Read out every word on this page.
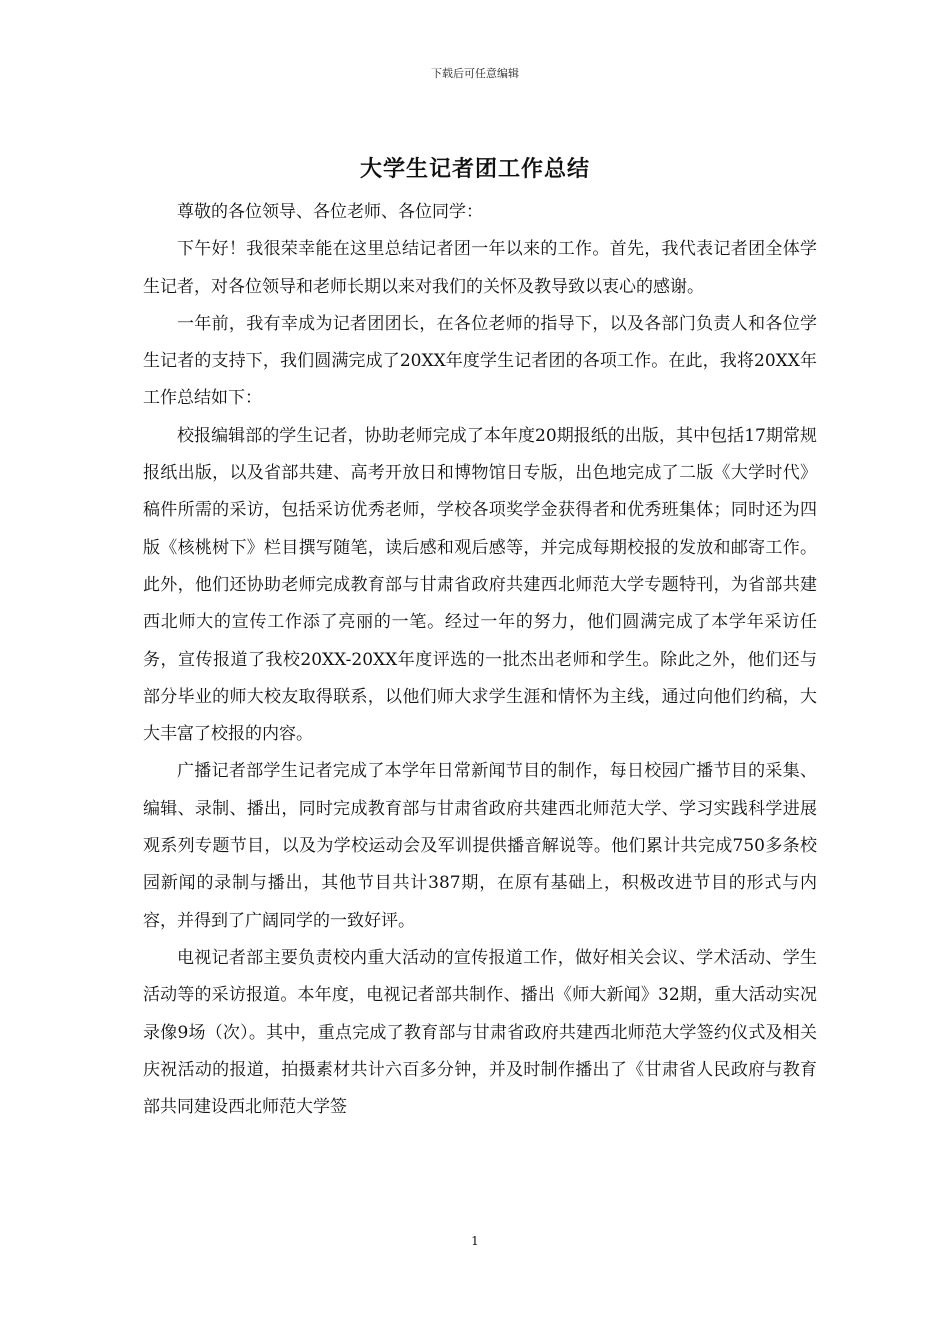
下载后可任意编辑
大学生记者团工作总结

尊敬的各位领导、各位老师、各位同学：

下午好！我很荣幸能在这里总结记者团一年以来的工作。首先，我代表记者团全体学生记者，对各位领导和老师长期以来对我们的关怀及教导致以衷心的感谢。

一年前，我有幸成为记者团团长，在各位老师的指导下，以及各部门负责人和各位学生记者的支持下，我们圆满完成了20XX年度学生记者团的各项工作。在此，我将20XX年工作总结如下：

校报编辑部的学生记者，协助老师完成了本年度20期报纸的出版，其中包括17期常规报纸出版，以及省部共建、高考开放日和博物馆日专版，出色地完成了二版《大学时代》稿件所需的采访，包括采访优秀老师，学校各项奖学金获得者和优秀班集体；同时还为四版《核桃树下》栏目撰写随笔，读后感和观后感等，并完成每期校报的发放和邮寄工作。此外，他们还协助老师完成教育部与甘肃省政府共建西北师范大学专题特刊，为省部共建西北师大的宣传工作添了亮丽的一笔。经过一年的努力，他们圆满完成了本学年采访任务，宣传报道了我校20XX-20XX年度评选的一批杰出老师和学生。除此之外，他们还与部分毕业的师大校友取得联系，以他们师大求学生涯和情怀为主线，通过向他们约稿，大大丰富了校报的内容。

广播记者部学生记者完成了本学年日常新闻节目的制作，每日校园广播节目的采集、编辑、录制、播出，同时完成教育部与甘肃省政府共建西北师范大学、学习实践科学进展观系列专题节目，以及为学校运动会及军训提供播音解说等。他们累计共完成750多条校园新闻的录制与播出，其他节目共计387期，在原有基础上，积极改进节目的形式与内容，并得到了广阔同学的一致好评。

电视记者部主要负责校内重大活动的宣传报道工作，做好相关会议、学术活动、学生活动等的采访报道。本年度，电视记者部共制作、播出《师大新闻》32期，重大活动实况录像9场（次）。其中，重点完成了教育部与甘肃省政府共建西北师范大学签约仪式及相关庆祝活动的报道，拍摄素材共计六百多分钟，并及时制作播出了《甘肃省人民政府与教育部共同建设西北师范大学签

1
